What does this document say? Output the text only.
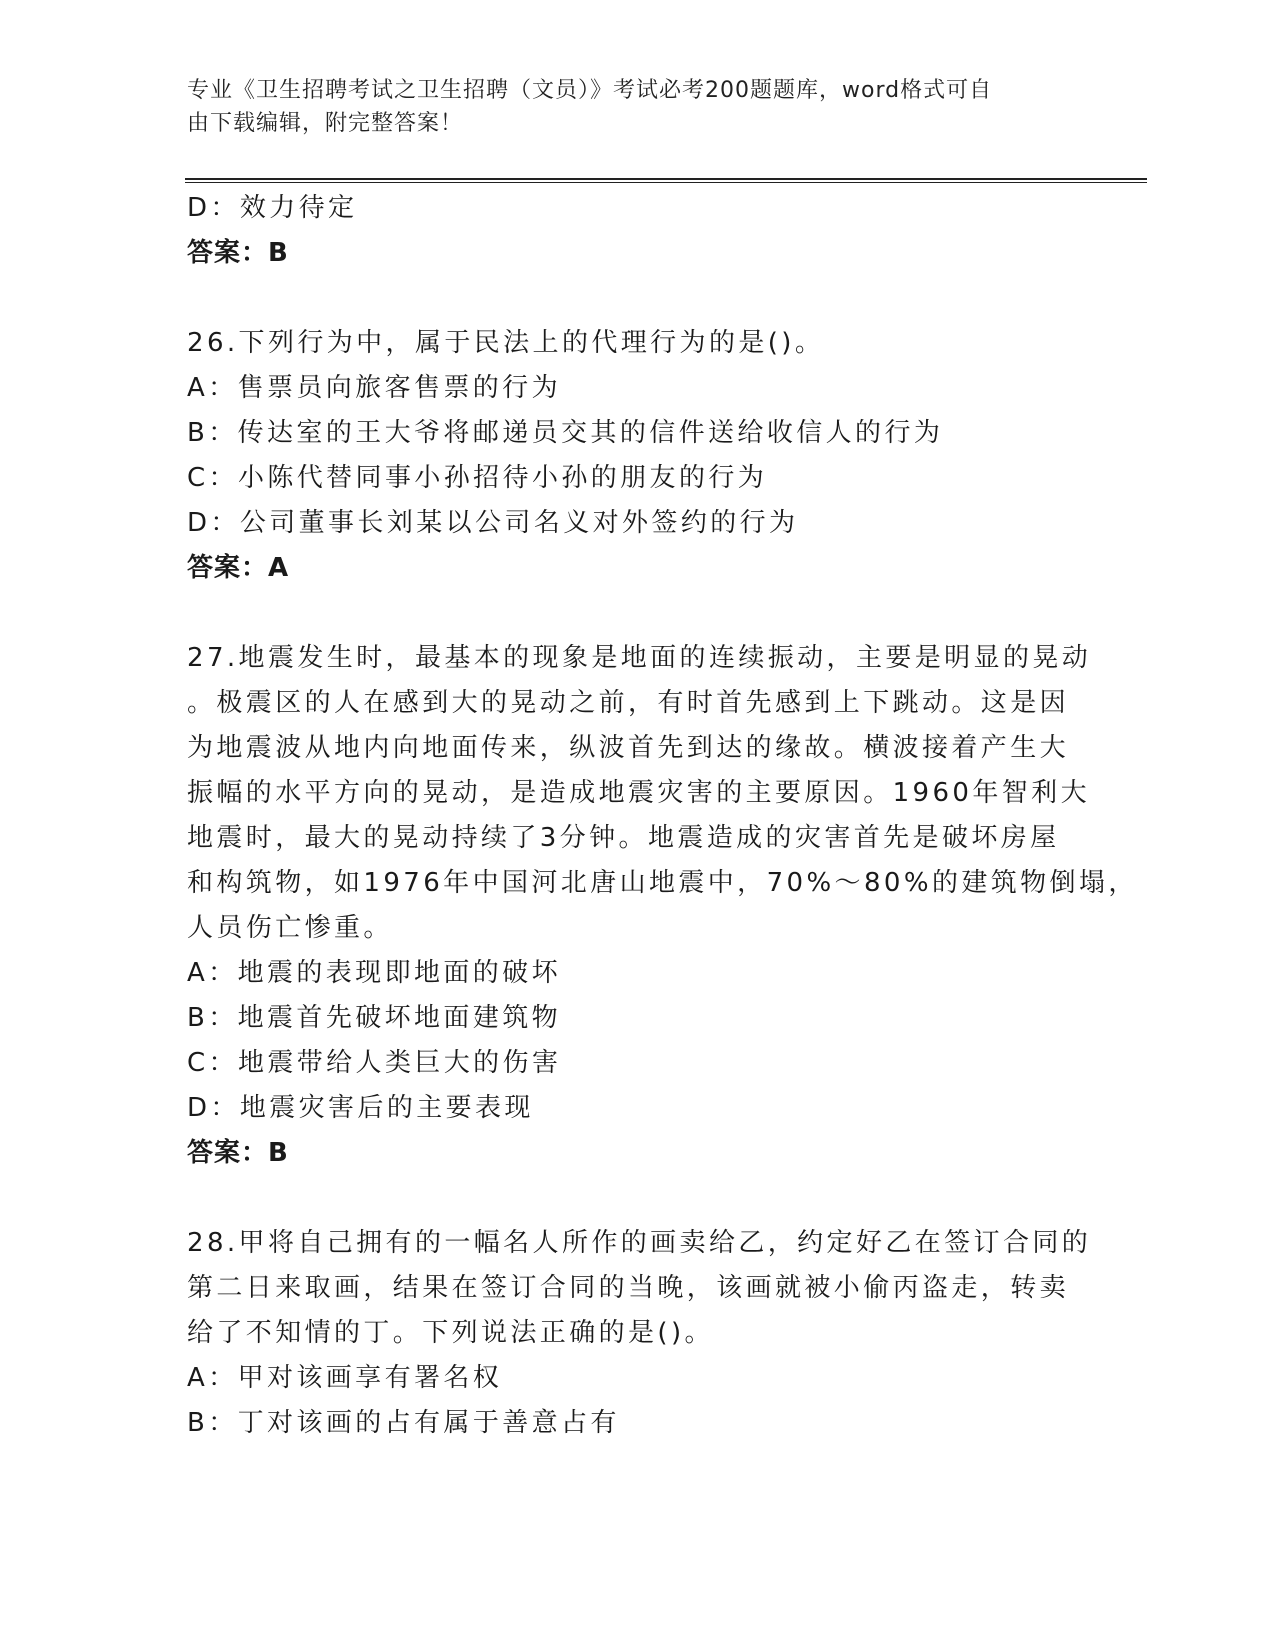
专业《卫生招聘考试之卫生招聘（文员）》考试必考200题题库，word格式可自
由下载编辑，附完整答案！
D：效力待定
答案：B
26.下列行为中，属于民法上的代理行为的是()。
A：售票员向旅客售票的行为
B：传达室的王大爷将邮递员交其的信件送给收信人的行为
C：小陈代替同事小孙招待小孙的朋友的行为
D：公司董事长刘某以公司名义对外签约的行为
答案：A
27.地震发生时，最基本的现象是地面的连续振动，主要是明显的晃动
。极震区的人在感到大的晃动之前，有时首先感到上下跳动。这是因
为地震波从地内向地面传来，纵波首先到达的缘故。横波接着产生大
振幅的水平方向的晃动，是造成地震灾害的主要原因。1960年智利大
地震时，最大的晃动持续了3分钟。地震造成的灾害首先是破坏房屋
和构筑物，如1976年中国河北唐山地震中，70%～80%的建筑物倒塌，
人员伤亡惨重。
A：地震的表现即地面的破坏
B：地震首先破坏地面建筑物
C：地震带给人类巨大的伤害
D：地震灾害后的主要表现
答案：B
28.甲将自己拥有的一幅名人所作的画卖给乙，约定好乙在签订合同的
第二日来取画，结果在签订合同的当晚，该画就被小偷丙盗走，转卖
给了不知情的丁。下列说法正确的是()。
A：甲对该画享有署名权
B：丁对该画的占有属于善意占有
